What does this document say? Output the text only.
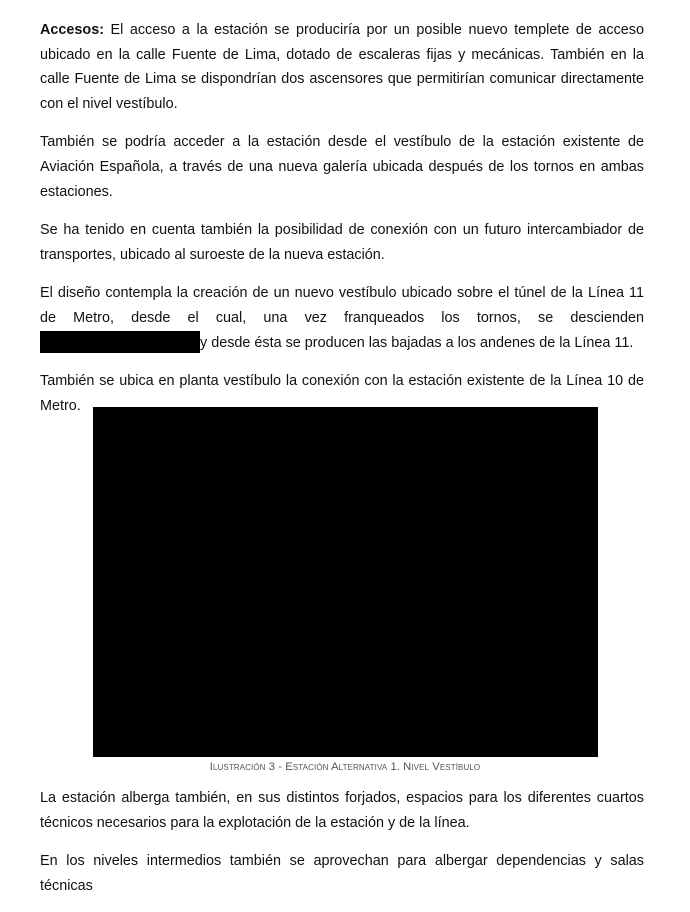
Accesos: El acceso a la estación se produciría por un posible nuevo templete de acceso ubicado en la calle Fuente de Lima, dotado de escaleras fijas y mecánicas. También en la calle Fuente de Lima se dispondrían dos ascensores que permitirían comunicar directamente con el nivel vestíbulo.

También se podría acceder a la estación desde el vestíbulo de la estación existente de Aviación Española, a través de una nueva galería ubicada después de los tornos en ambas estaciones.

Se ha tenido en cuenta también la posibilidad de conexión con un futuro intercambiador de transportes, ubicado al suroeste de la nueva estación.

El diseño contempla la creación de un nuevo vestíbulo ubicado sobre el túnel de la Línea 11 de Metro, desde el cual, una vez franqueados los tornos, se desciendeny desde ésta se producen las bajadas a los andenes de la Línea 11.

También se ubica en planta vestíbulo la conexión con la estación existente de la Línea 10 de Metro.

Ilustración 3 - Estación Alternativa 1. Nivel Vestíbulo

La estación alberga también, en sus distintos forjados, espacios para los diferentes cuartos técnicos necesarios para la explotación de la estación y de la línea.

En los niveles intermedios también se aprovechan para albergar dependencias y salas técnicas
